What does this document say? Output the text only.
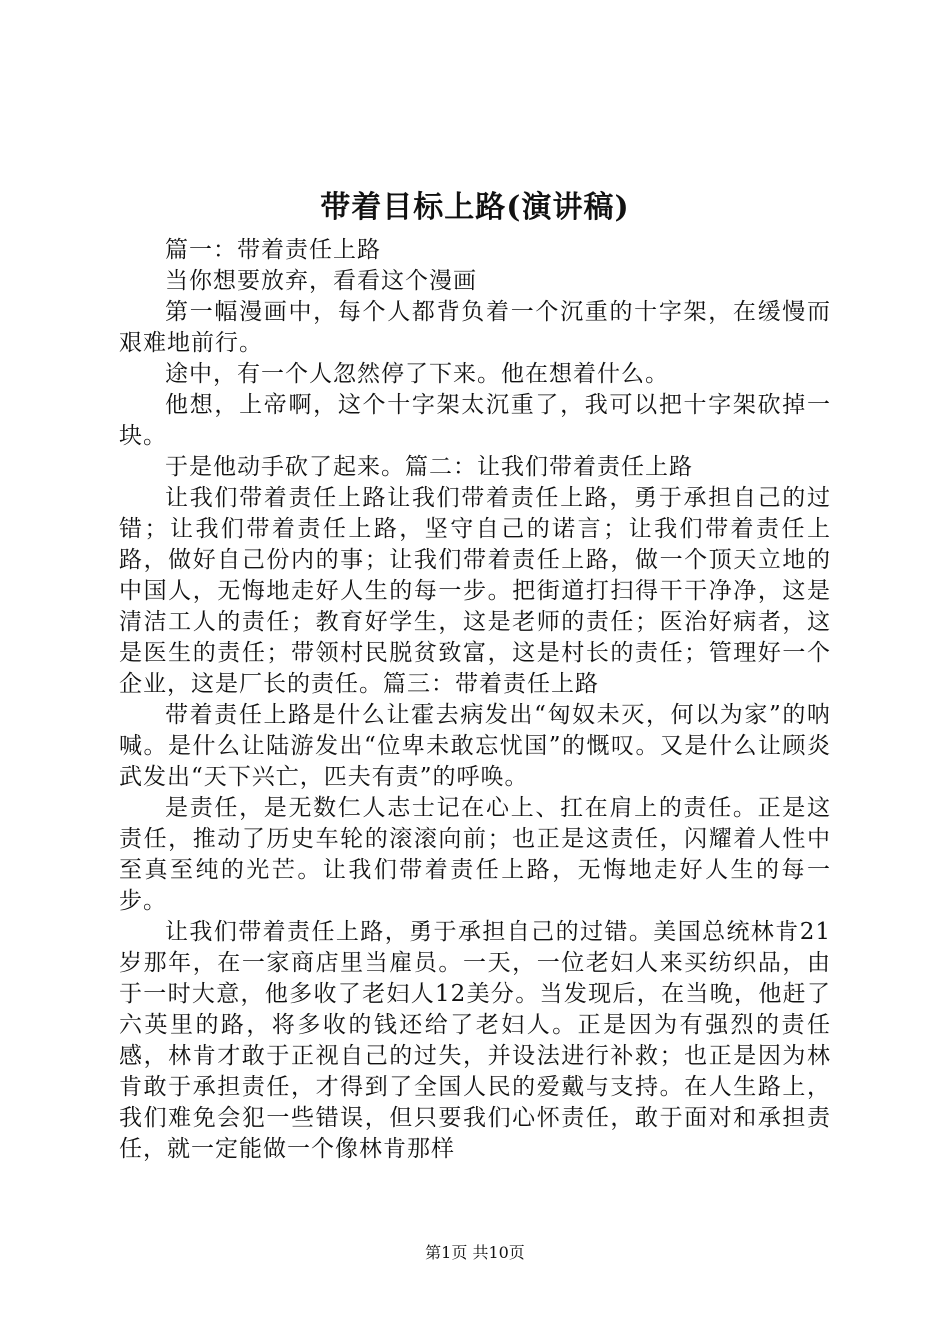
带着目标上路(演讲稿)

篇一：带着责任上路

当你想要放弃，看看这个漫画

第一幅漫画中，每个人都背负着一个沉重的十字架，在缓慢而艰难地前行。

途中，有一个人忽然停了下来。他在想着什么。

他想，上帝啊，这个十字架太沉重了，我可以把十字架砍掉一块。

于是他动手砍了起来。篇二：让我们带着责任上路

让我们带着责任上路让我们带着责任上路，勇于承担自己的过错；让我们带着责任上路，坚守自己的诺言；让我们带着责任上路，做好自己份内的事；让我们带着责任上路，做一个顶天立地的中国人，无悔地走好人生的每一步。把街道打扫得干干净净，这是清洁工人的责任；教育好学生，这是老师的责任；医治好病者，这是医生的责任；带领村民脱贫致富，这是村长的责任；管理好一个企业，这是厂长的责任。篇三：带着责任上路

带着责任上路是什么让霍去病发出“匈奴未灭，何以为家”的呐喊。是什么让陆游发出“位卑未敢忘忧国”的慨叹。又是什么让顾炎武发出“天下兴亡，匹夫有责”的呼唤。

是责任，是无数仁人志士记在心上、扛在肩上的责任。正是这责任，推动了历史车轮的滚滚向前；也正是这责任，闪耀着人性中至真至纯的光芒。让我们带着责任上路，无悔地走好人生的每一步。

让我们带着责任上路，勇于承担自己的过错。美国总统林肯21岁那年，在一家商店里当雇员。一天，一位老妇人来买纺织品，由于一时大意，他多收了老妇人12美分。当发现后，在当晚，他赶了六英里的路，将多收的钱还给了老妇人。正是因为有强烈的责任感，林肯才敢于正视自己的过失，并设法进行补救；也正是因为林肯敢于承担责任，才得到了全国人民的爱戴与支持。在人生路上，我们难免会犯一些错误，但只要我们心怀责任，敢于面对和承担责任，就一定能做一个像林肯那样

第1页 共10页
